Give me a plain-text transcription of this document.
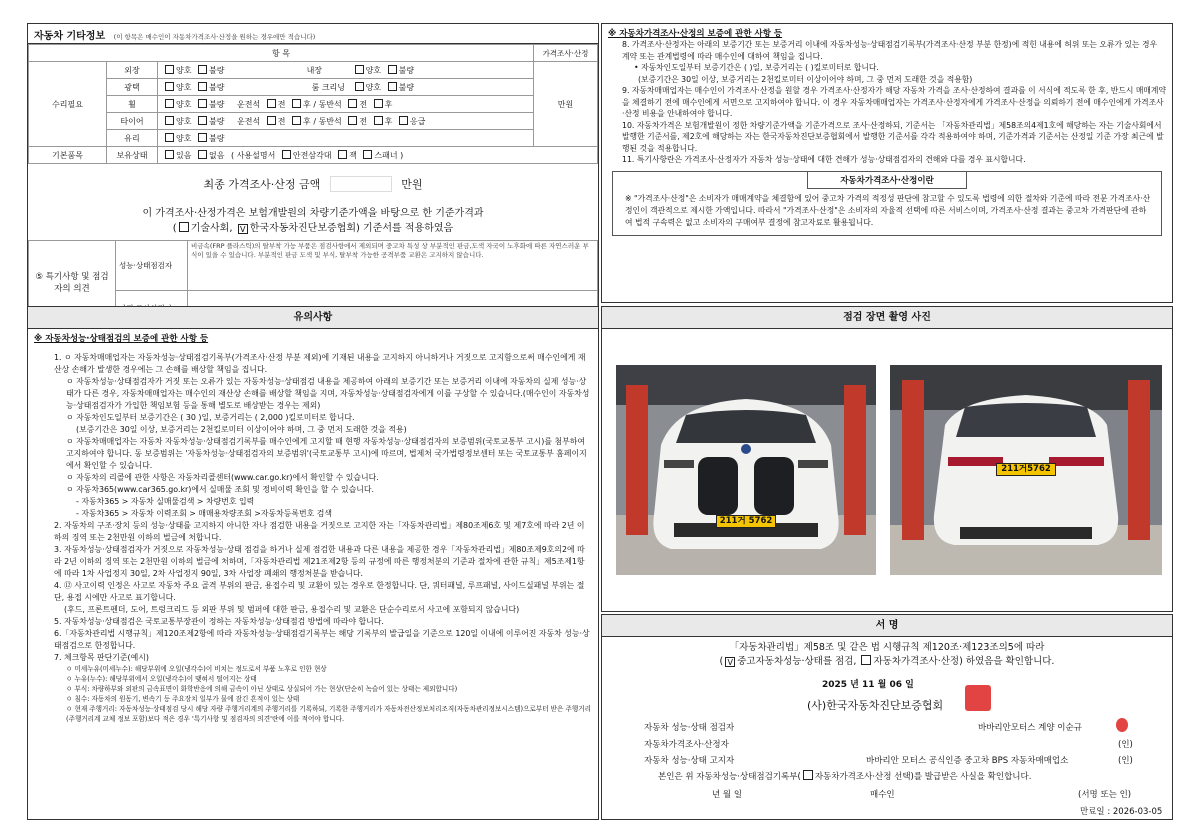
자동차 기타정보 (이 항목은 매수인이 자동차가격조사·산정을 원하는 경우에만 적습니다)
항 목			가격조사·산정
수리필요	외장	양호 불량 내장 양호 불량	만원
	광택	양호 불량 룸 크리닝 양호 불량	
	휠	양호 불량 운전석 전 후 / 동반석 전 후	
	타이어	양호 불량 운전석 전 후 / 동반석 전 후 응급	
	유리	양호 불량	
기본품목	보유상태	있음 없음 ( 사용설명서 안전삼각대 잭 스패너 )	
최종 가격조사·산정 금액	만원
이 가격조사·산정가격은 보험개발원의 차량기준가액을 바탕으로 한 기준가격과
( 기술사회, V 한국자동차진단보증협회) 기준서를 적용하였음
⑤ 특기사항 및 점검자의 의견	성능·상태점검자	비금속(FRP 플라스틱)의 탈부착 가능 부품은 점검사항에서 제외되며 중고차 특성 상 부분적인 판금,도색 자국이 노후화에 따른 자연스러운 부식이 있을 수 있습니다. 부분적인 판금 도색 및 부식, 탈부착 가능한 공격부품 교환은 고지하지 않습니다.

※ 자동차가격조사·산정의 보증에 관한 사항 등
8. 가격조사·산정자는 아래의 보증기간 또는 보증거리 이내에 자동차성능·상태점검기록부(가격조사·산정 부분 한정)에 적힌 내용에 허위 또는 오류가 있는 경우 계약 또는 관계법령에 따라 매수인에 대하여 책임을 집니다.
• 자동차인도일부터 보증기간은 ( )일, 보증거리는 ( )킬로미터로 합니다.
(보증기간은 30일 이상, 보증거리는 2천킬로미터 이상이어야 하며, 그 중 먼저 도래한 것을 적용함)
9. 자동차매매업자는 매수인이 가격조사·산정을 원할 경우 가격조사·산정자가 해당 자동차 가격을 조사·산정하여 결과를 이 서식에 적도록 한 후, 반드시 매매계약을 체결하기 전에 매수인에게 서면으로 고지하여야 합니다. 이 경우 자동차매매업자는 가격조사·산정자에게 가격조사·산정을 의뢰하기 전에 매수인에게 가격조사·산정 비용을 안내하여야 합니다.
10. 자동차가격은 보험개발원이 정한 차량기준가액을 기준가격으로 조사·산정하되, 기준서는 「자동차관리법」제58조의4제1호에 해당하는 자는 기술사회에서 발행한 기준서를, 제2호에 해당하는 자는 한국자동차진단보증협회에서 발행한 기준서를 각각 적용하여야 하며, 기준가격과 기준서는 산정일 기준 가장 최근에 발행된 것을 적용합니다.
11. 특기사항란은 가격조사·산정자가 자동차 성능·상태에 대한 견해가 성능·상태점검자의 견해와 다를 경우 표시합니다.
자동차가격조사·산정이란
※ "가격조사·산정"은 소비자가 매매계약을 체결함에 있어 중고차 가격의 적정성 판단에 참고할 수 있도록 법령에 의한 절차와 기준에 따라 전문 가격조사·산정인이 객관적으로 제시한 가액입니다. 따라서 "가격조사·산정"은 소비자의 자율적 선택에 따른 서비스이며, 가격조사·산정 결과는 중고차 가격판단에 관하여 법적 구속력은 없고 소비자의 구매여부 결정에 참고자료로 활용됩니다.
유의사항
※ 자동차성능·상태점검의 보증에 관한 사항 등
1. ㅇ 자동차매매업자는 자동차성능·상태점검기록부(가격조사·산정 부분 제외)에 기재된 내용을 고지하지 아니하거나 거짓으로 고지함으로써 매수인에게 재산상 손해가 발생한 경우에는 그 손해를 배상할 책임을 집니다.
ㅇ 자동차성능·상태점검자가 거짓 또는 오류가 있는 자동차성능·상태점검 내용을 제공하여 아래의 보증기간 또는 보증거리 이내에 자동차의 실제 성능·상태가 다른 경우, 자동차매매업자는 매수인의 재산상 손해를 배상할 책임을 지며, 자동차성능·상태점검자에게 이를 구상할 수 있습니다.(매수인이 자동차성능·상태점검자가 가입한 책임보험 등을 통해 별도로 배상받는 경우는 제외)
ㅇ 자동차인도일부터 보증기간은 ( 30 )일, 보증거리는 ( 2,000 )킬로미터로 합니다.
(보증기간은 30일 이상, 보증거리는 2천킬로미터 이상이어야 하며, 그 중 먼저 도래한 것을 적용)
ㅇ 자동차매매업자는 자동차 자동차성능·상태점검기록부를 매수인에게 고지할 때 현행 자동차성능·상태점검자의 보증범위(국토교통부 고시)를 첨부하여 고지하여야 합니다. 동 보증범위는 '자동차성능·상태점검자의 보증범위'(국토교통부 고시)에 따르며, 법제처 국가법령정보센터 또는 국토교통부 홈페이지에서 확인할 수 있습니다.
ㅇ 자동차의 리콜에 관한 사항은 자동차리콜센터(www.car.go.kr)에서 확인할 수 있습니다.
ㅇ 자동차365(www.car365.go.kr)에서 실매물 조회 및 정비이력 확인을 할 수 있습니다.
- 자동차365 > 자동차 실매물검색 > 차량번호 입력
- 자동차365 > 자동차 이력조회 > 매매용차량조회 >자동차등록번호 검색
2. 자동차의 구조·장치 등의 성능·상태를 고지하지 아니한 자나 점검한 내용을 거짓으로 고지한 자는「자동차관리법」제80조제6호 및 제7호에 따라 2년 이하의 징역 또는 2천만원 이하의 벌금에 처합니다.
3. 자동차성능·상태점검자가 거짓으로 자동차성능·상태 점검을 하거나 실제 점검한 내용과 다른 내용을 제공한 경우「자동차관리법」제80조제9호의2에 따라 2년 이하의 징역 또는 2천만원 이하의 벌금에 처하며,「자동차관리법 제21조제2항 등의 규정에 따른 행정처분의 기준과 절차에 관한 규칙」제5조제1항에 따라 1차 사업정지 30일, 2차 사업정지 90일, 3차 사업장 폐쇄의 행정처분을 받습니다.
4. ⑫ 사고이력 인정은 사고로 자동차 주요 골격 부위의 판금, 용접수리 및 교환이 있는 경우로 한정합니다. 단, 쿼터패널, 루프패널, 사이드실패널 부위는 절단, 용접 시에만 사고로 표기합니다.
(후드, 프론트펜더, 도어, 트렁크리드 등 외판 부위 및 범퍼에 대한 판금, 용접수리 및 교환은 단순수리로서 사고에 포함되지 않습니다)
5. 자동차성능·상태점검은 국토교통부장관이 정하는 자동차성능·상태점검 방법에 따라야 합니다.
6.「자동차관리법 시행규칙」제120조제2항에 따라 자동차성능·상태점검기록부는 해당 기록부의 발급일을 기준으로 120일 이내에 이루어진 자동차 성능·상태점검으로 한정합니다.
7. 체크항목 판단기준(예시)
ㅇ 미세누유(미세누수): 해당부위에 오일(냉각수)이 비치는 정도로서 부품 노후로 인한 현상
ㅇ 누유(누수): 해당부위에서 오일(냉각수)이 맺혀서 떨어지는 상태
ㅇ 부식: 차량하부와 외판의 금속표면이 화학반응에 의해 금속이 아닌 상태로 상실되어 가는 현상(단순히 녹슬어 있는 상태는 제외합니다)
ㅇ 침수: 자동차의 원동기, 변속기 등 주요장치 일부가 물에 잠긴 흔적이 있는 상태
ㅇ 현재 주행거리: 자동차성능·상태점검 당시 해당 자량 주행거리계의 주행거리를 기록하되, 기록한 주행거리가 자동차전산정보처리조직(자동차관리정보시스템)으로부터 받은 주행거리(주행거리계 교체 정보 포함)보다 적은 경우 '특기사항 및 점검자의 의견'란에 이를 적어야 합니다.
점검 장면 촬영 사진
211거 5762
211거5762
서 명
「자동차관리법」제58조 및 같은 법 시행규칙 제120조·제123조의5에 따라
( V 중고자동차성능·상태를 점검, 자동차가격조사·산정) 하였음을 확인합니다.
2025 년 11 월 06 일
(사)한국자동차진단보증협회
자동차 성능·상태 점검자	바바리안모터스 계양 이순규
자동차가격조사·산정자	(인)
자동차 성능·상태 고지자	바바리안 모터스 공식인증 중고차 BPS 자동차매매업소	(인)
본인은 위 자동차성능·상태점검기록부( 자동차가격조사·산정 선택)를 발급받은 사실을 확인합니다.
년 월 일	매수인	(서명 또는 인)
만료일 : 2026-03-05
